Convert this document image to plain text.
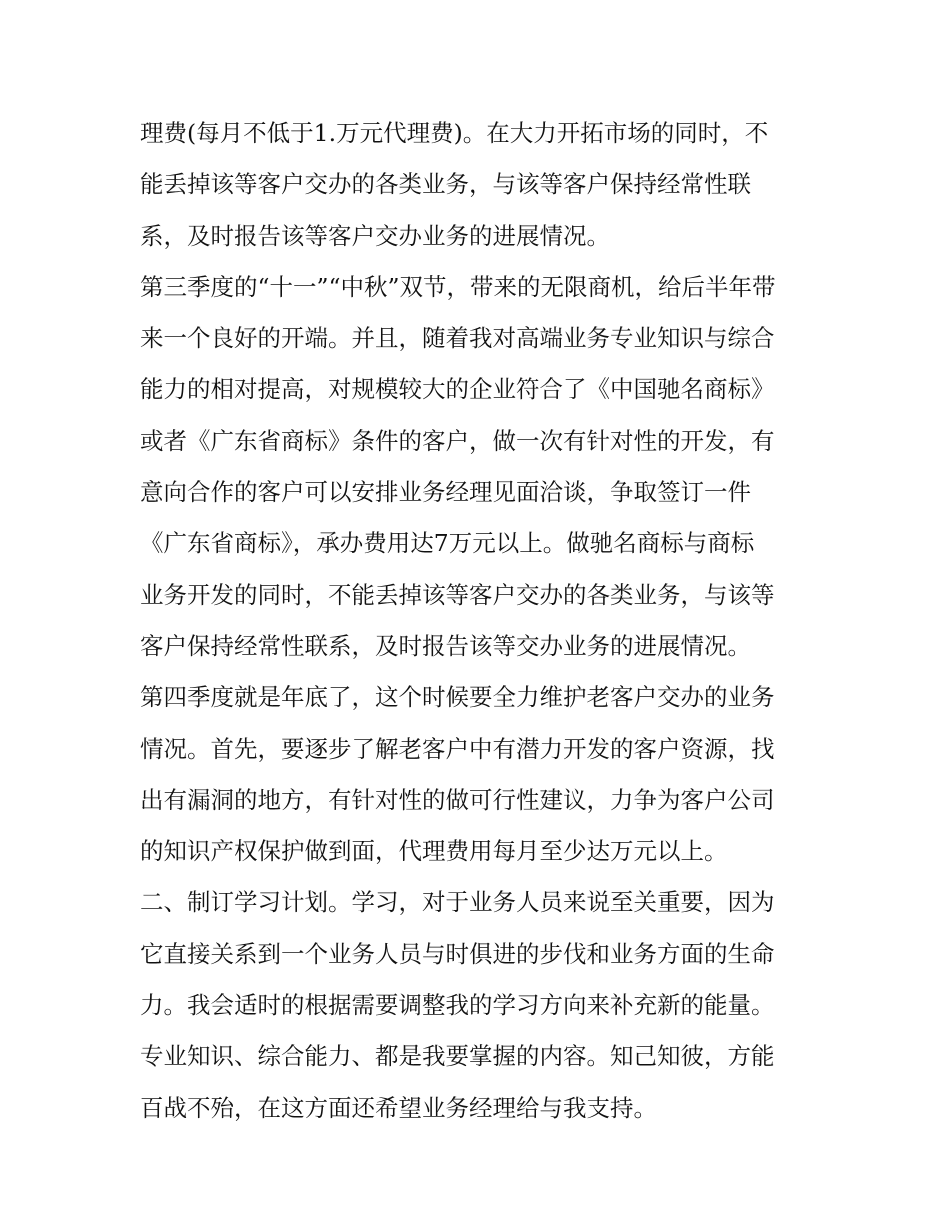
理费(每月不低于1.万元代理费)。在大力开拓市场的同时，不
能丢掉该等客户交办的各类业务，与该等客户保持经常性联
系，及时报告该等客户交办业务的进展情况。
第三季度的“十一”“中秋”双节，带来的无限商机，给后半年带
来一个良好的开端。并且，随着我对高端业务专业知识与综合
能力的相对提高，对规模较大的企业符合了《中国驰名商标》
或者《广东省商标》条件的客户，做一次有针对性的开发，有
意向合作的客户可以安排业务经理见面洽谈，争取签订一件
《广东省商标》，承办费用达7万元以上。做驰名商标与商标
业务开发的同时，不能丢掉该等客户交办的各类业务，与该等
客户保持经常性联系，及时报告该等交办业务的进展情况。
第四季度就是年底了，这个时候要全力维护老客户交办的业务
情况。首先，要逐步了解老客户中有潜力开发的客户资源，找
出有漏洞的地方，有针对性的做可行性建议，力争为客户公司
的知识产权保护做到面，代理费用每月至少达万元以上。
二、制订学习计划。学习，对于业务人员来说至关重要，因为
它直接关系到一个业务人员与时俱进的步伐和业务方面的生命
力。我会适时的根据需要调整我的学习方向来补充新的能量。
专业知识、综合能力、都是我要掌握的内容。知己知彼，方能
百战不殆，在这方面还希望业务经理给与我支持。
